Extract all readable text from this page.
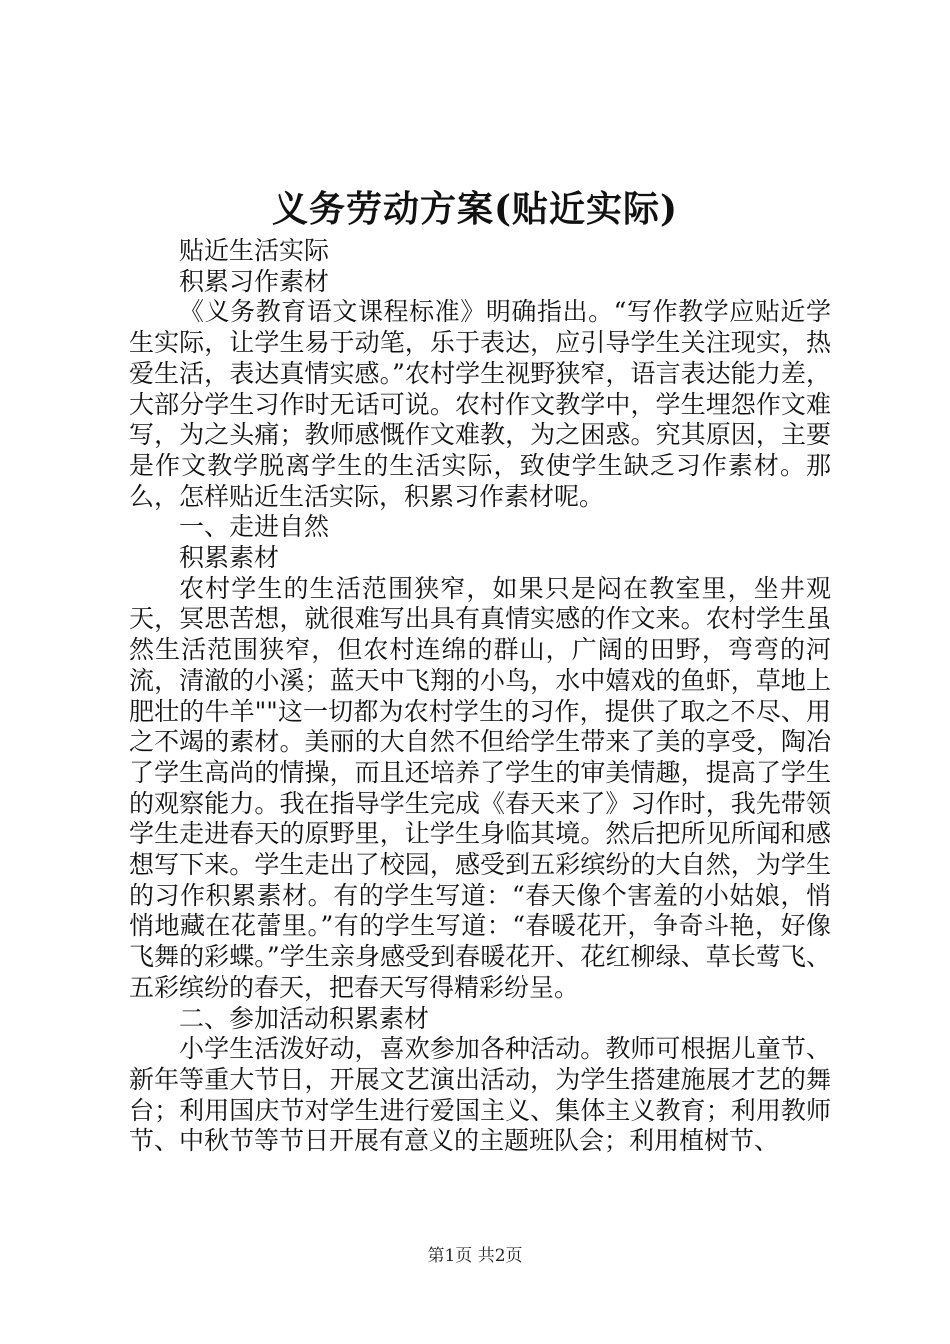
义务劳动方案(贴近实际)

贴近生活实际

积累习作素材

《义务教育语文课程标准》明确指出。“写作教学应贴近学生实际，让学生易于动笔，乐于表达，应引导学生关注现实，热爱生活，表达真情实感。”农村学生视野狭窄，语言表达能力差，大部分学生习作时无话可说。农村作文教学中，学生埋怨作文难写，为之头痛；教师感慨作文难教，为之困惑。究其原因，主要是作文教学脱离学生的生活实际，致使学生缺乏习作素材。那么，怎样贴近生活实际，积累习作素材呢。

一、走进自然

积累素材

农村学生的生活范围狭窄，如果只是闷在教室里，坐井观天，冥思苦想，就很难写出具有真情实感的作文来。农村学生虽然生活范围狭窄，但农村连绵的群山，广阔的田野，弯弯的河流，清澈的小溪；蓝天中飞翔的小鸟，水中嬉戏的鱼虾，草地上肥壮的牛羊""这一切都为农村学生的习作，提供了取之不尽、用之不竭的素材。美丽的大自然不但给学生带来了美的享受，陶冶了学生高尚的情操，而且还培养了学生的审美情趣，提高了学生的观察能力。我在指导学生完成《春天来了》习作时，我先带领学生走进春天的原野里，让学生身临其境。然后把所见所闻和感想写下来。学生走出了校园，感受到五彩缤纷的大自然，为学生的习作积累素材。有的学生写道：“春天像个害羞的小姑娘，悄悄地藏在花蕾里。”有的学生写道：“春暖花开，争奇斗艳，好像飞舞的彩蝶。”学生亲身感受到春暖花开、花红柳绿、草长莺飞、五彩缤纷的春天，把春天写得精彩纷呈。

二、参加活动积累素材

小学生活泼好动，喜欢参加各种活动。教师可根据儿童节、新年等重大节日，开展文艺演出活动，为学生搭建施展才艺的舞台；利用国庆节对学生进行爱国主义、集体主义教育；利用教师节、中秋节等节日开展有意义的主题班队会；利用植树节、

第1页 共2页
